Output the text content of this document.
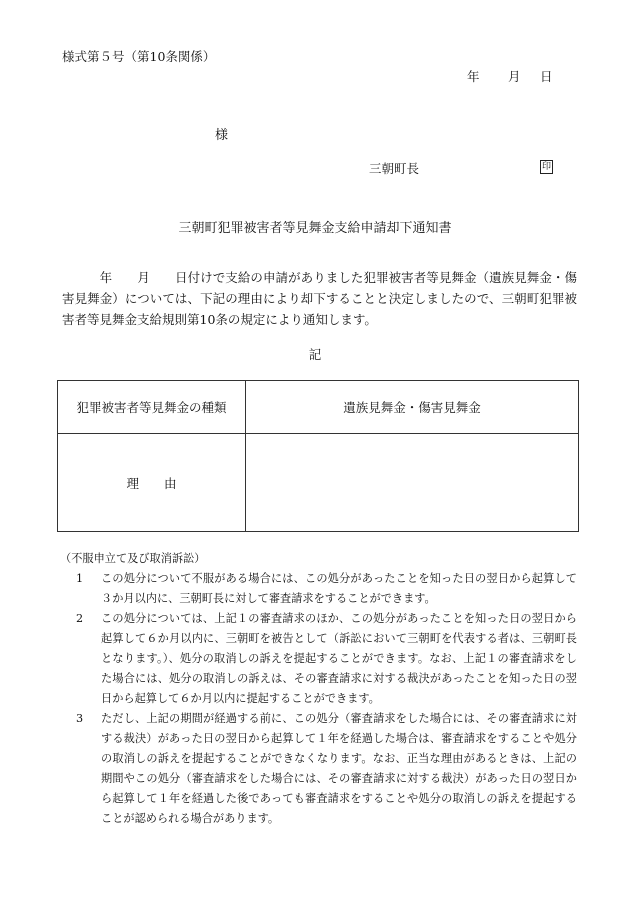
様式第５号（第10条関係）
年 月 日
様
三朝町長	印
三朝町犯罪被害者等見舞金支給申請却下通知書
　　　年　　月　　日付けで支給の申請がありました犯罪被害者等見舞金（遺族見舞金・傷害見舞金）については、下記の理由により却下することと決定しましたので、三朝町犯罪被害者等見舞金支給規則第10条の規定により通知します。
記
犯罪被害者等見舞金の種類	遺族見舞金・傷害見舞金
理　　由	
（不服申立て及び取消訴訟）
1	この処分について不服がある場合には、この処分があったことを知った日の翌日から起算して３か月以内に、三朝町長に対して審査請求をすることができます。
2	この処分については、上記１の審査請求のほか、この処分があったことを知った日の翌日から起算して６か月以内に、三朝町を被告として（訴訟において三朝町を代表する者は、三朝町長となります。）、処分の取消しの訴えを提起することができます。なお、上記１の審査請求をした場合には、処分の取消しの訴えは、その審査請求に対する裁決があったことを知った日の翌日から起算して６か月以内に提起することができます。
3	ただし、上記の期間が経過する前に、この処分（審査請求をした場合には、その審査請求に対する裁決）があった日の翌日から起算して１年を経過した場合は、審査請求をすることや処分の取消しの訴えを提起することができなくなります。なお、正当な理由があるときは、上記の期間やこの処分（審査請求をした場合には、その審査請求に対する裁決）があった日の翌日から起算して１年を経過した後であっても審査請求をすることや処分の取消しの訴えを提起することが認められる場合があります。
